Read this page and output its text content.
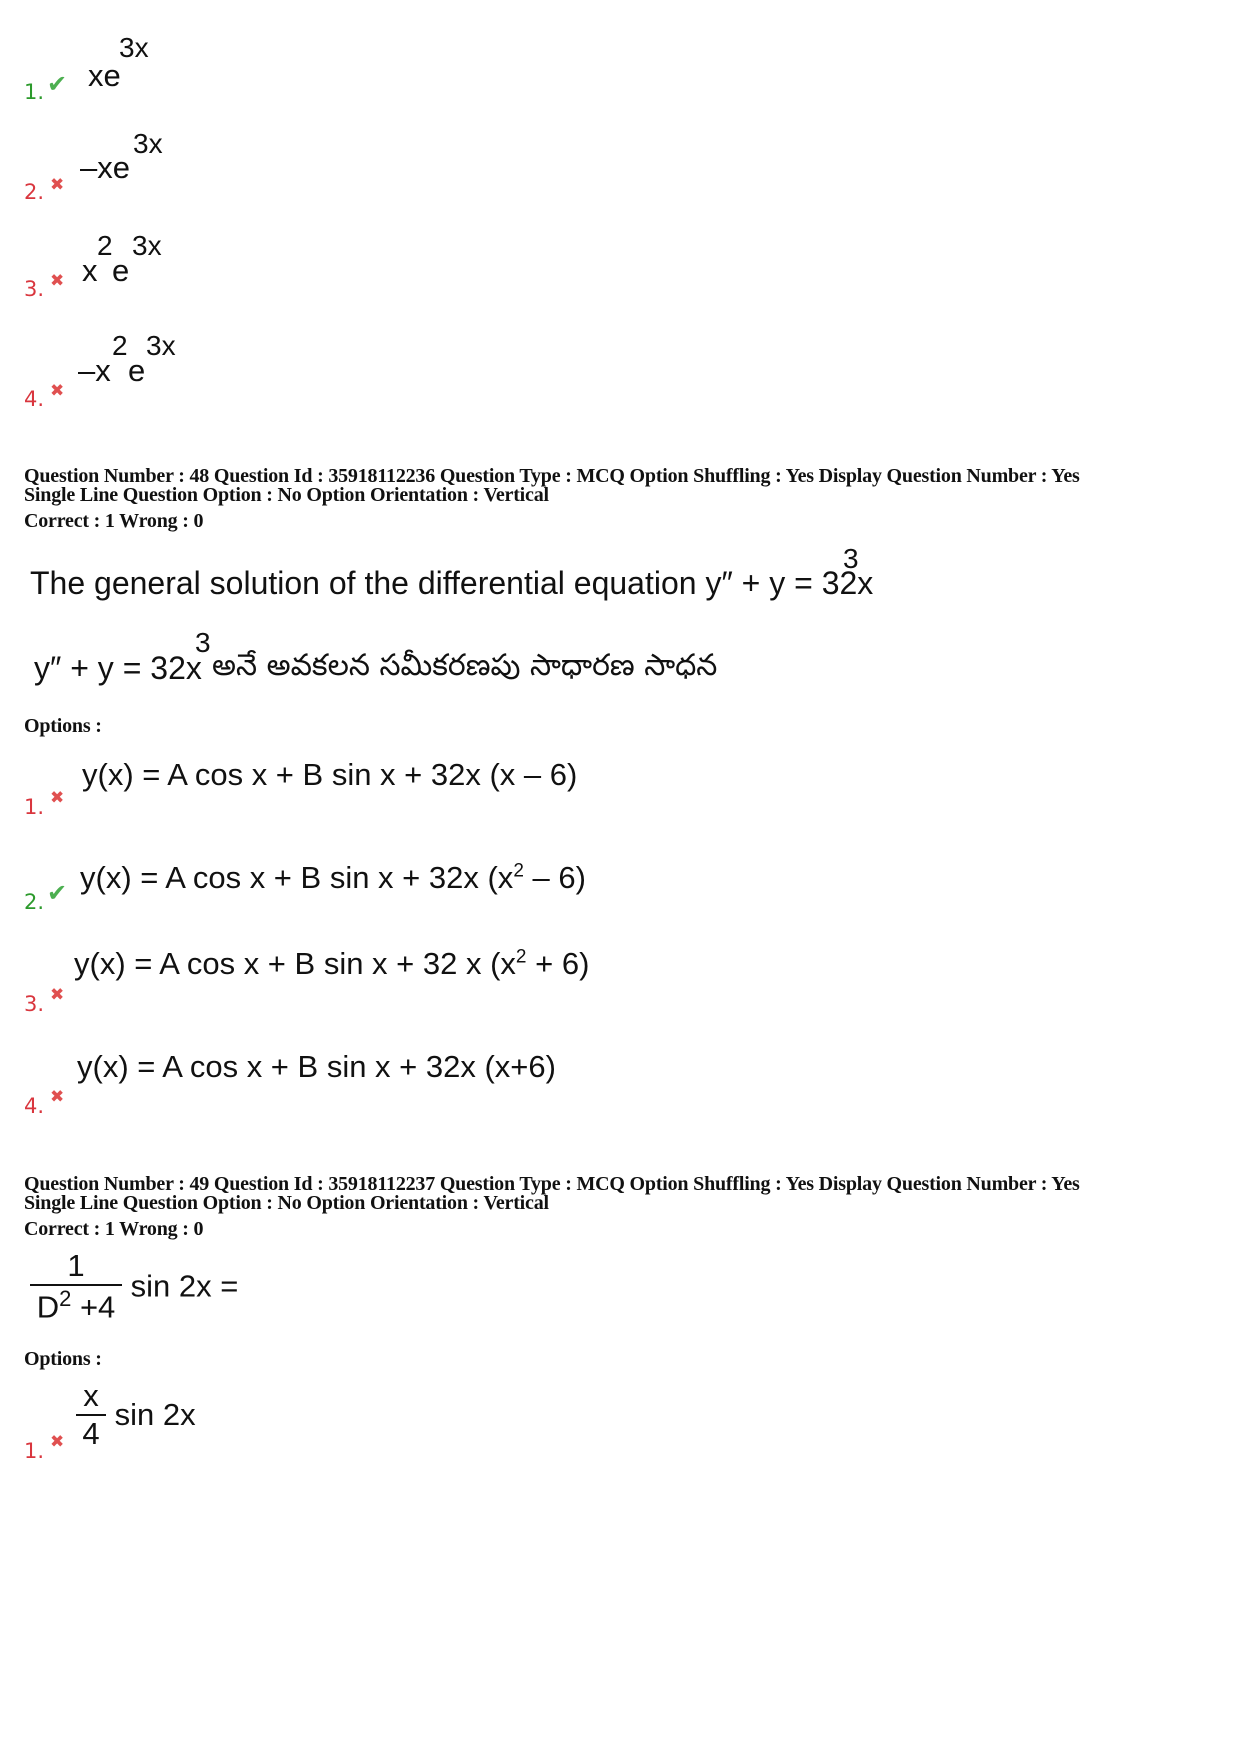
1. ✔ xe
3x
2. ✖ –xe
3x
3. ✖ x
2
e
3x
4. ✖
–x
2
e
3x
Question Number : 48 Question Id : 35918112236 Question Type : MCQ Option Shuffling : Yes Display Question Number : Yes
Single Line Question Option : No Option Orientation : Vertical
Correct : 1 Wrong : 0
The general solution of the differential equation y″ + y = 32x
3
y″ + y = 32x
3
అనే అవకలన సమీకరణపు సాధారణ సాధన
Options :
1. ✖
y(x) = A cos x + B sin x + 32x (x – 6)
2. ✔ y(x) = A cos x + B sin x + 32x $(x^2 - 6)$
3. ✖
y(x) = A cos x + B sin x + 32 x $(x^2 + 6)$
4. ✖
y(x) = A cos x + B sin x + 32x (x+6)
Question Number : 49 Question Id : 35918112237 Question Type : MCQ Option Shuffling : Yes Display Question Number : Yes
Single Line Question Option : No Option Orientation : Vertical
Correct : 1 Wrong : 0
$\frac{1}{D^2 +4}$ sin 2x =
Options :
1. ✖ $\frac{x}{4}$ sin 2x
